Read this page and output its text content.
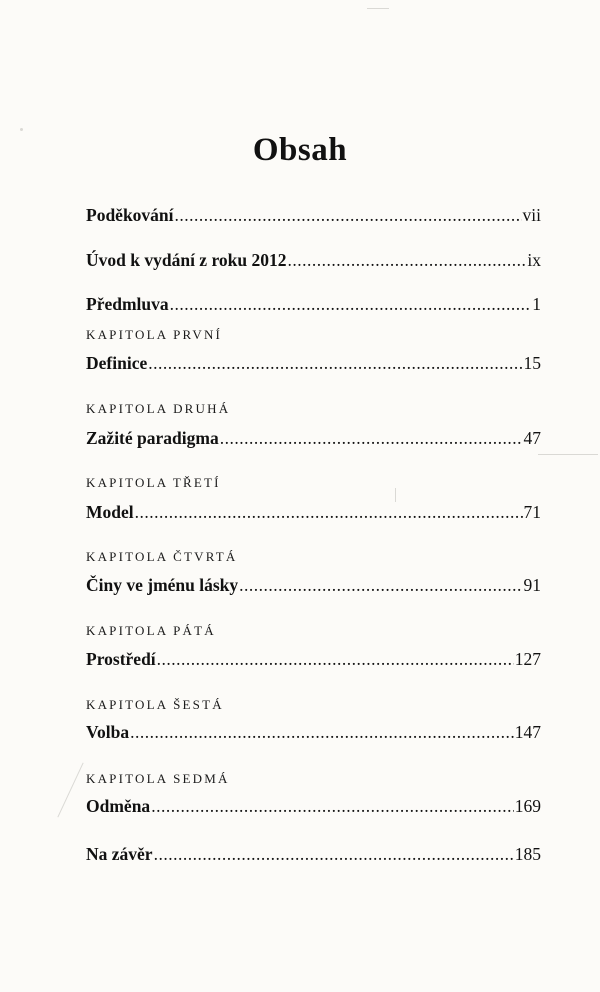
Obsah
Poděkování .....	vii
Úvod k vydání z roku 2012 .....	ix
Předmluva .....	1
KAPITOLA PRVNÍ
Definice .....	15
KAPITOLA DRUHÁ
Zažité paradigma .....	47
KAPITOLA TŘETÍ
Model .....	71
KAPITOLA ČTVRTÁ
Činy ve jménu lásky .....	91
KAPITOLA PÁTÁ
Prostředí .....	127
KAPITOLA ŠESTÁ
Volba .....	147
KAPITOLA SEDMÁ
Odměna .....	169
Na závěr .....	185
